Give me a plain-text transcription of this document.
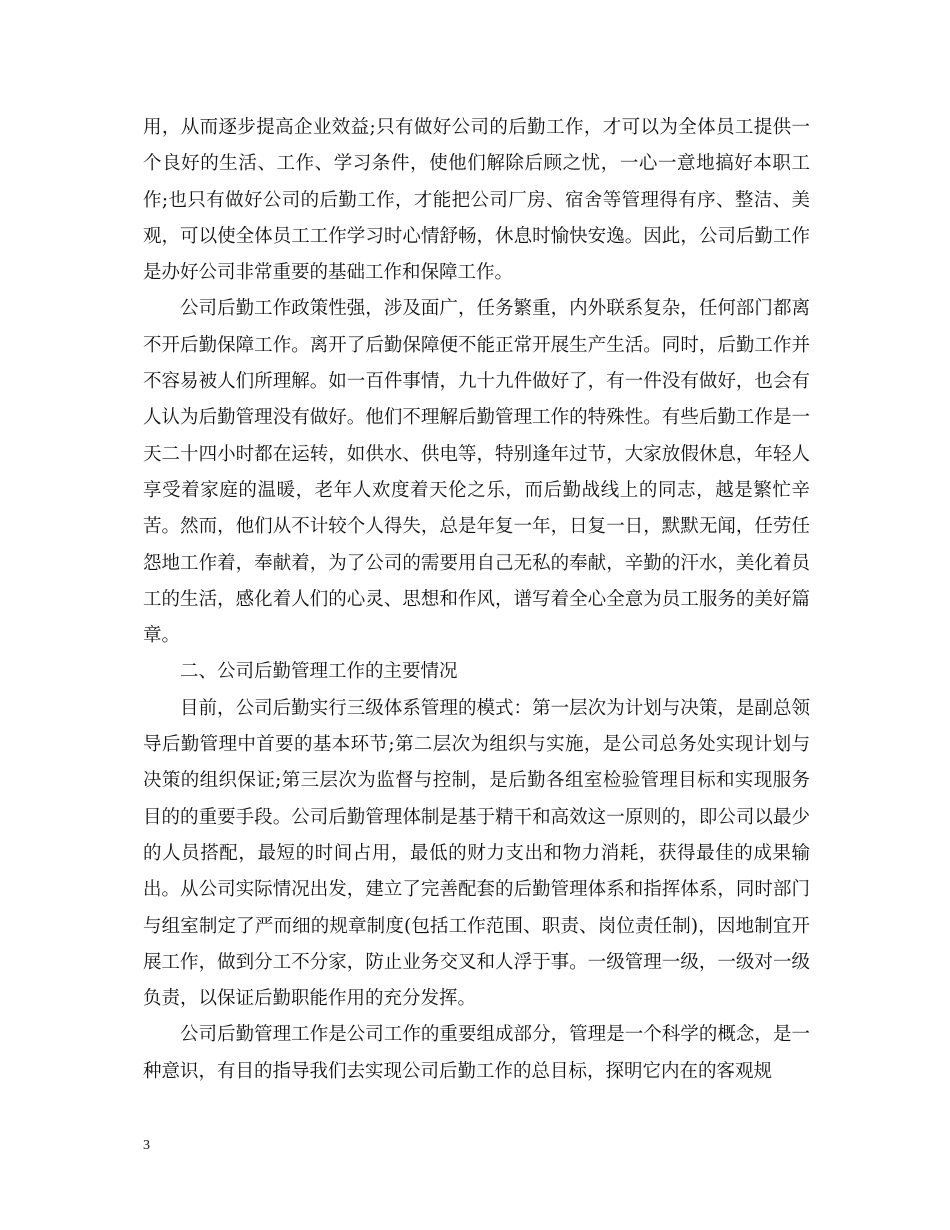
用，从而逐步提高企业效益;只有做好公司的后勤工作，才可以为全体员工提供一个良好的生活、工作、学习条件，使他们解除后顾之忧，一心一意地搞好本职工作;也只有做好公司的后勤工作，才能把公司厂房、宿舍等管理得有序、整洁、美观，可以使全体员工工作学习时心情舒畅，休息时愉快安逸。因此，公司后勤工作是办好公司非常重要的基础工作和保障工作。

公司后勤工作政策性强，涉及面广，任务繁重，内外联系复杂，任何部门都离不开后勤保障工作。离开了后勤保障便不能正常开展生产生活。同时，后勤工作并不容易被人们所理解。如一百件事情，九十九件做好了，有一件没有做好，也会有人认为后勤管理没有做好。他们不理解后勤管理工作的特殊性。有些后勤工作是一天二十四小时都在运转，如供水、供电等，特别逢年过节，大家放假休息，年轻人享受着家庭的温暖，老年人欢度着天伦之乐，而后勤战线上的同志，越是繁忙辛苦。然而，他们从不计较个人得失，总是年复一年，日复一日，默默无闻，任劳任怨地工作着，奉献着，为了公司的需要用自己无私的奉献，辛勤的汗水，美化着员工的生活，感化着人们的心灵、思想和作风，谱写着全心全意为员工服务的美好篇章。

二、公司后勤管理工作的主要情况

目前，公司后勤实行三级体系管理的模式：第一层次为计划与决策，是副总领导后勤管理中首要的基本环节;第二层次为组织与实施，是公司总务处实现计划与决策的组织保证;第三层次为监督与控制，是后勤各组室检验管理目标和实现服务目的的重要手段。公司后勤管理体制是基于精干和高效这一原则的，即公司以最少的人员搭配，最短的时间占用，最低的财力支出和物力消耗，获得最佳的成果输出。从公司实际情况出发，建立了完善配套的后勤管理体系和指挥体系，同时部门与组室制定了严而细的规章制度(包括工作范围、职责、岗位责任制)，因地制宜开展工作，做到分工不分家，防止业务交叉和人浮于事。一级管理一级，一级对一级负责，以保证后勤职能作用的充分发挥。

公司后勤管理工作是公司工作的重要组成部分，管理是一个科学的概念，是一种意识，有目的指导我们去实现公司后勤工作的总目标，探明它内在的客观规

3
